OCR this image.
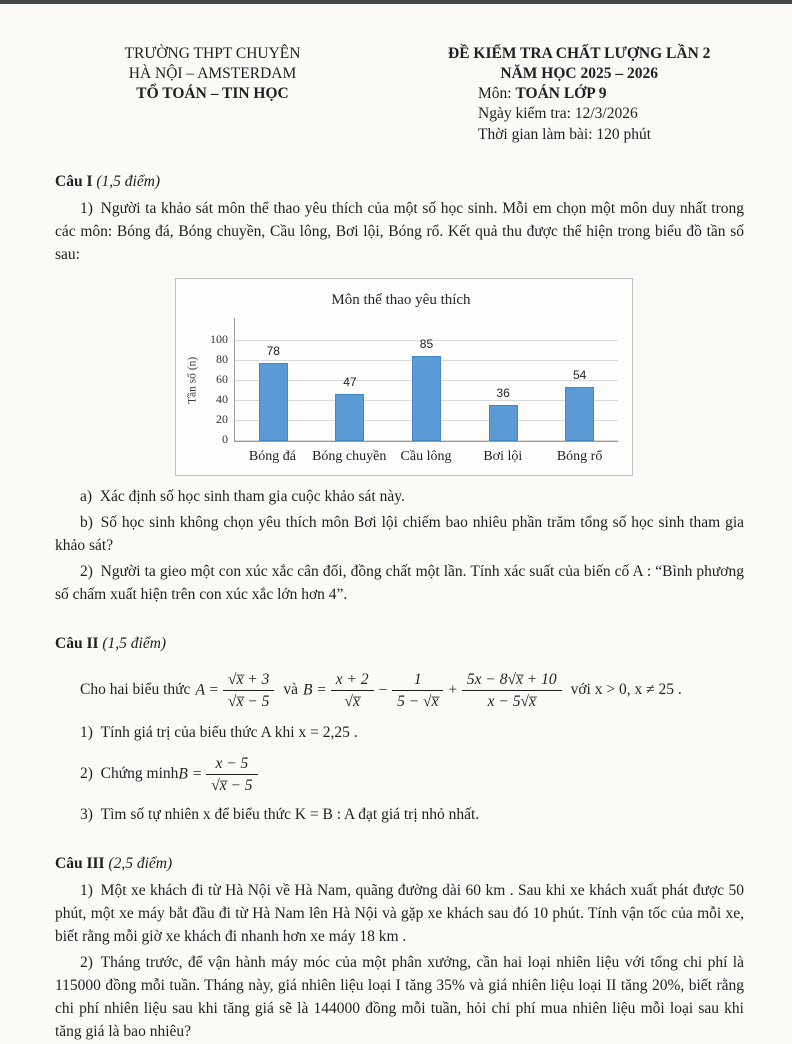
TRƯỜNG THPT CHUYÊN
HÀ NỘI – AMSTERDAM
TỔ TOÁN – TIN HỌC
ĐỀ KIỂM TRA CHẤT LƯỢNG LẦN 2
NĂM HỌC 2025 – 2026
Môn: TOÁN LỚP 9
Ngày kiểm tra: 12/3/2026
Thời gian làm bài: 120 phút
Câu I (1,5 điểm)

1) Người ta khảo sát môn thể thao yêu thích của một số học sinh. Mỗi em chọn một môn duy nhất trong các môn: Bóng đá, Bóng chuyền, Cầu lông, Bơi lội, Bóng rổ. Kết quả thu được thể hiện trong biểu đồ tần số sau:

Môn thể thao yêu thích
Tần số (n)
0
20
40
60
80
100
78
47
85
36
54
Bóng đá	Bóng chuyền	Cầu lông	Bơi lội	Bóng rổ

a) Xác định số học sinh tham gia cuộc khảo sát này.

b) Số học sinh không chọn yêu thích môn Bơi lội chiếm bao nhiêu phần trăm tổng số học sinh tham gia khảo sát?

2) Người ta gieo một con xúc xắc cân đối, đồng chất một lần. Tính xác suất của biến cố A : “Bình phương số chấm xuất hiện trên con xúc xắc lớn hơn 4”.

Câu II (1,5 điểm)
Cho hai biểu thức $A = \frac{√x̅ + 3}{√x̅ - 5}$ và $B = \frac{x + 2}{√x̅} - \frac{1}{5 - √x̅} + \frac{5x - 8√x̅ + 10}{x - 5√x̅}$ với x > 0, x ≠ 25 .

1) Tính giá trị của biểu thức A khi x = 2,25 .

2) Chứng minh $B = \frac{x - 5}{√x̅ - 5}$

3) Tìm số tự nhiên x để biểu thức K = B : A đạt giá trị nhỏ nhất.

Câu III (2,5 điểm)

1) Một xe khách đi từ Hà Nội về Hà Nam, quãng đường dài 60 km . Sau khi xe khách xuất phát được 50 phút, một xe máy bắt đầu đi từ Hà Nam lên Hà Nội và gặp xe khách sau đó 10 phút. Tính vận tốc của mỗi xe, biết rằng mỗi giờ xe khách đi nhanh hơn xe máy 18 km .

2) Tháng trước, để vận hành máy móc của một phân xưởng, cần hai loại nhiên liệu với tổng chi phí là 115000 đồng mỗi tuần. Tháng này, giá nhiên liệu loại I tăng 35% và giá nhiên liệu loại II tăng 20%, biết rằng chi phí nhiên liệu sau khi tăng giá sẽ là 144000 đồng mỗi tuần, hỏi chi phí mua nhiên liệu mỗi loại sau khi tăng giá là bao nhiêu?
